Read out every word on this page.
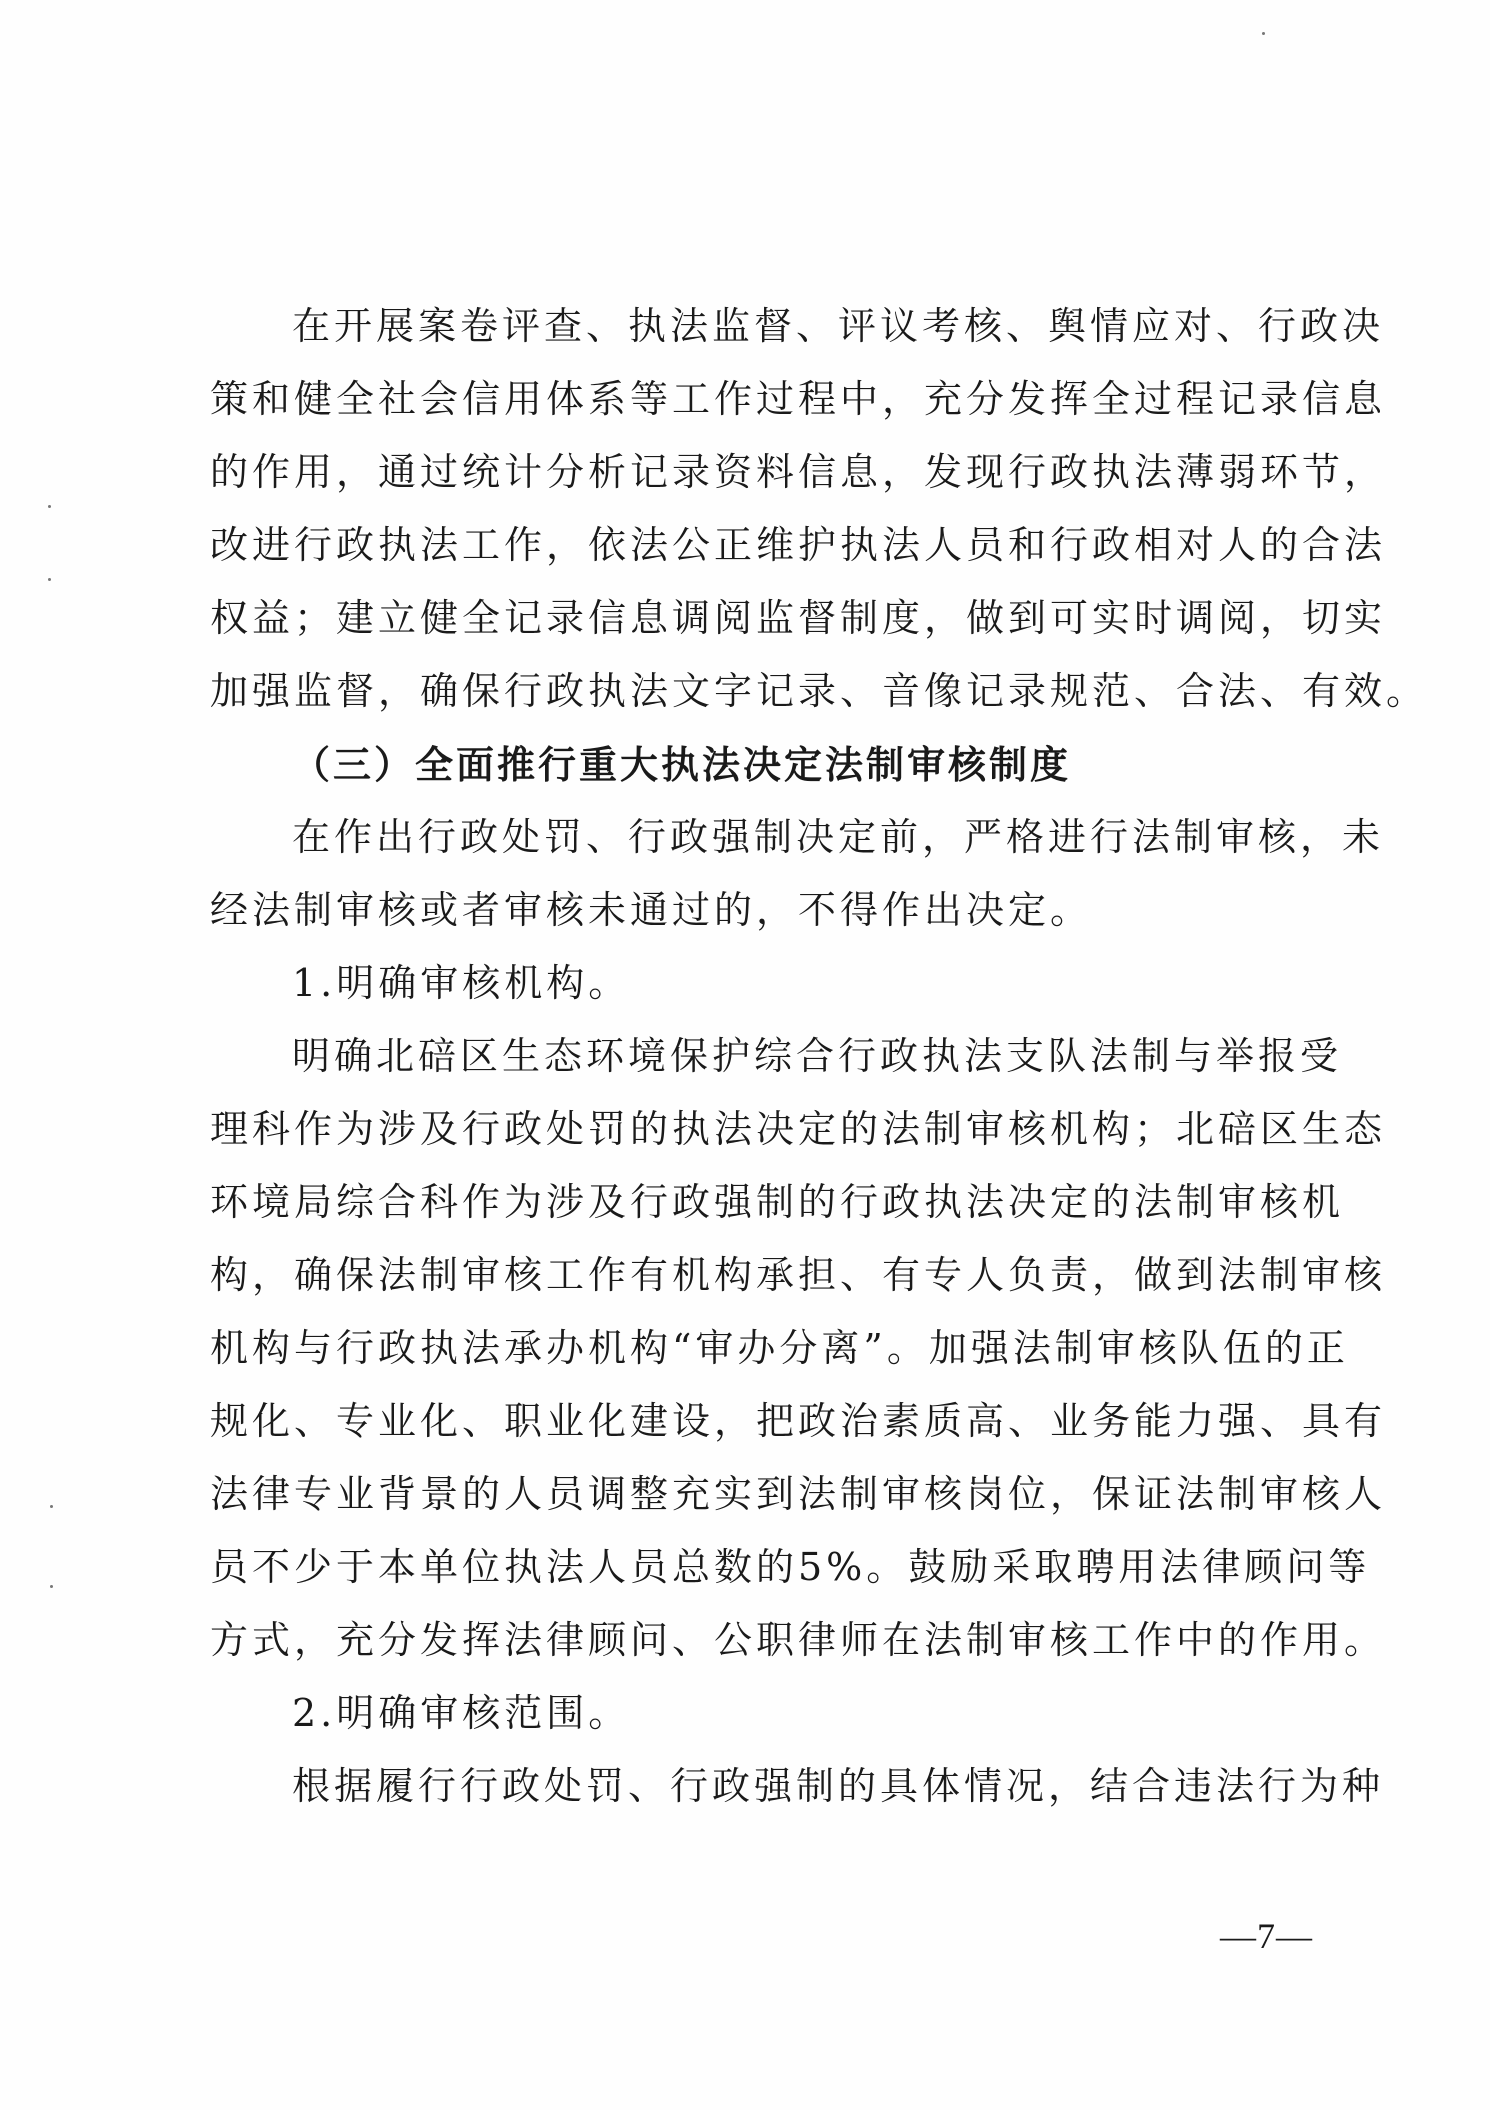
在开展案卷评查、执法监督、评议考核、舆情应对、行政决
策和健全社会信用体系等工作过程中，充分发挥全过程记录信息
的作用，通过统计分析记录资料信息，发现行政执法薄弱环节，
改进行政执法工作，依法公正维护执法人员和行政相对人的合法
权益；建立健全记录信息调阅监督制度，做到可实时调阅，切实
加强监督，确保行政执法文字记录、音像记录规范、合法、有效。
（三）全面推行重大执法决定法制审核制度
在作出行政处罚、行政强制决定前，严格进行法制审核，未
经法制审核或者审核未通过的，不得作出决定。
1.明确审核机构。
明确北碚区生态环境保护综合行政执法支队法制与举报受
理科作为涉及行政处罚的执法决定的法制审核机构；北碚区生态
环境局综合科作为涉及行政强制的行政执法决定的法制审核机
构，确保法制审核工作有机构承担、有专人负责，做到法制审核
机构与行政执法承办机构“审办分离”。加强法制审核队伍的正
规化、专业化、职业化建设，把政治素质高、业务能力强、具有
法律专业背景的人员调整充实到法制审核岗位，保证法制审核人
员不少于本单位执法人员总数的5%。鼓励采取聘用法律顾问等
方式，充分发挥法律顾问、公职律师在法制审核工作中的作用。
2.明确审核范围。
根据履行行政处罚、行政强制的具体情况，结合违法行为种
—7—
